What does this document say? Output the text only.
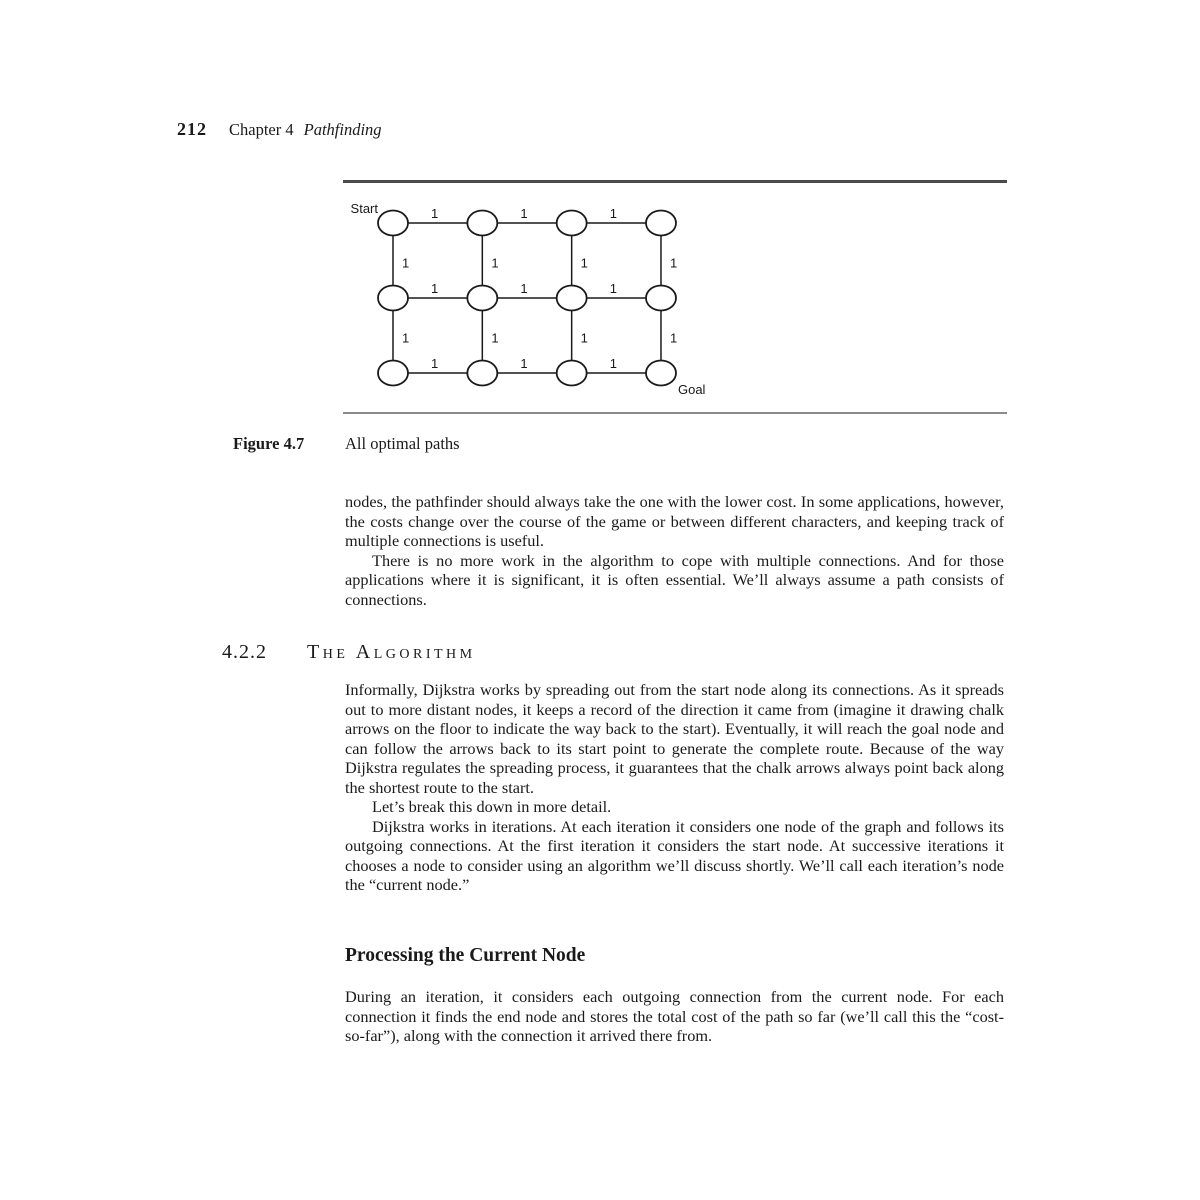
212 Chapter 4 Pathfinding
1	1	1
1	1	1
1	1	1
1	1	1	1
1	1	1	1
Start
Goal
Figure 4.7 All optimal paths

nodes, the pathfinder should always take the one with the lower cost. In some applications, however, the costs change over the course of the game or between different characters, and keeping track of multiple connections is useful.

There is no more work in the algorithm to cope with multiple connections. And for those applications where it is significant, it is often essential. We’ll always assume a path consists of connections.

4.2.2 The Algorithm

Informally, Dijkstra works by spreading out from the start node along its connections. As it spreads out to more distant nodes, it keeps a record of the direction it came from (imagine it drawing chalk arrows on the floor to indicate the way back to the start). Eventually, it will reach the goal node and can follow the arrows back to its start point to generate the complete route. Because of the way Dijkstra regulates the spreading process, it guarantees that the chalk arrows always point back along the shortest route to the start.

Let’s break this down in more detail.

Dijkstra works in iterations. At each iteration it considers one node of the graph and follows its outgoing connections. At the first iteration it considers the start node. At successive iterations it chooses a node to consider using an algorithm we’ll discuss shortly. We’ll call each iteration’s node the “current node.”

Processing the Current Node

During an iteration, it considers each outgoing connection from the current node. For each connection it finds the end node and stores the total cost of the path so far (we’ll call this the “cost-so-far”), along with the connection it arrived there from.
